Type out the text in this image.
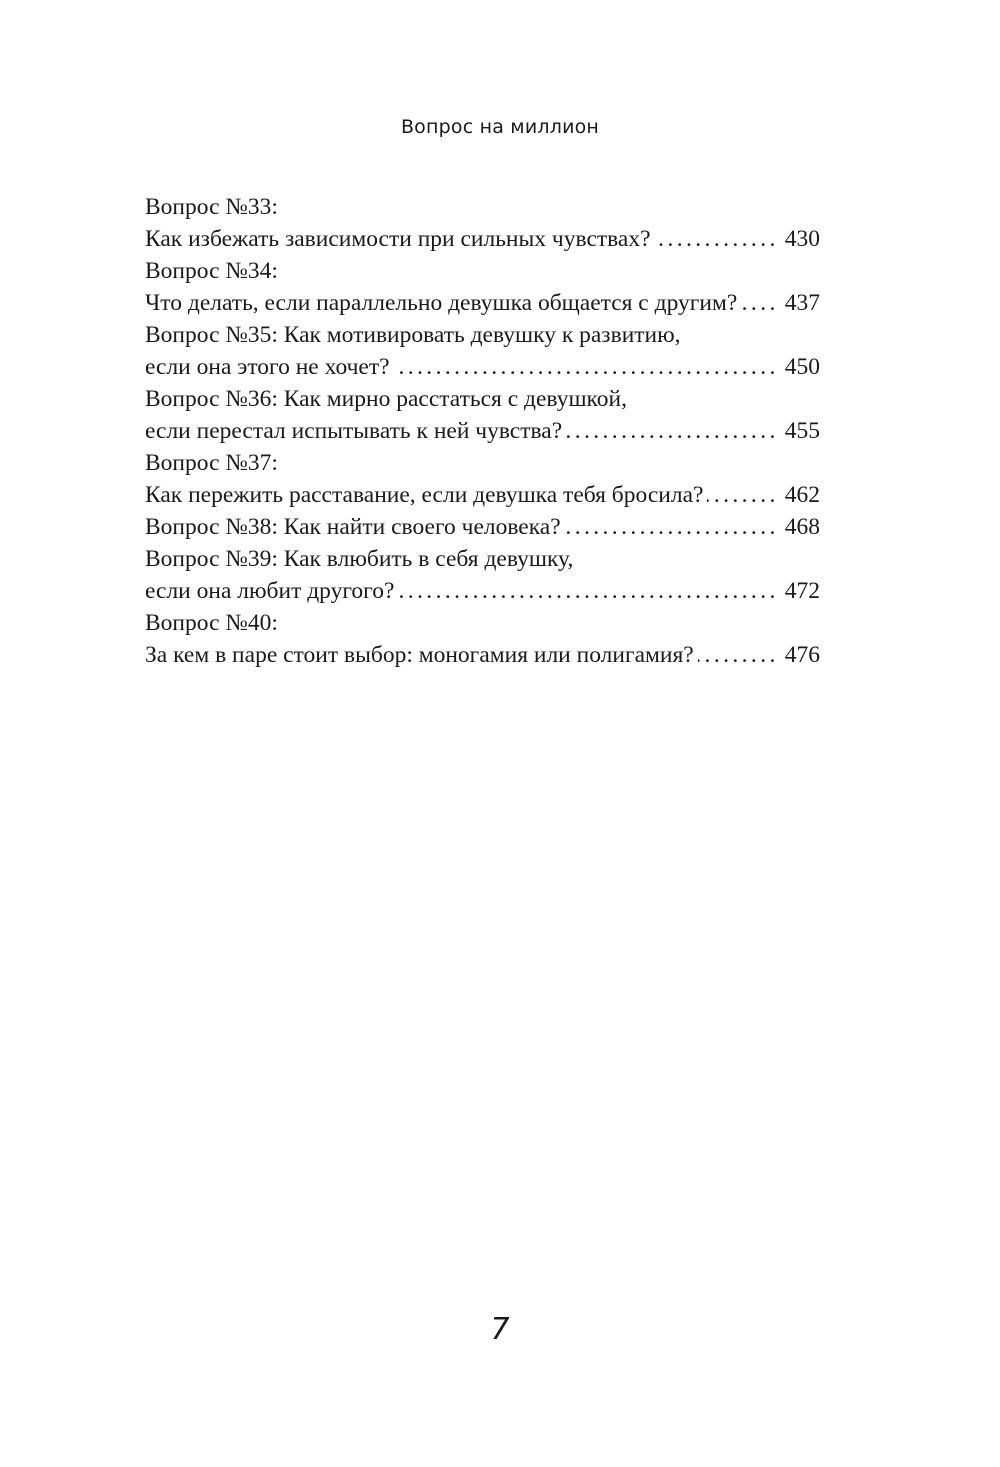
Вопрос на миллион
Вопрос №33:
Как избежать зависимости при сильных чувствах? .....	430
Вопрос №34:
Что делать, если параллельно девушка общается с другим? ..... 437
Вопрос №35: Как мотивировать девушку к развитию,
если она этого не хочет? .....	450
Вопрос №36: Как мирно расстаться с девушкой,
если перестал испытывать к ней чувства? .....	455
Вопрос №37:
Как пережить расставание, если девушка тебя бросила? .....	462
Вопрос №38: Как найти своего человека? .....	468
Вопрос №39: Как влюбить в себя девушку,
если она любит другого? .....	472
Вопрос №40:
За кем в паре стоит выбор: моногамия или полигамия? .....	476
7
